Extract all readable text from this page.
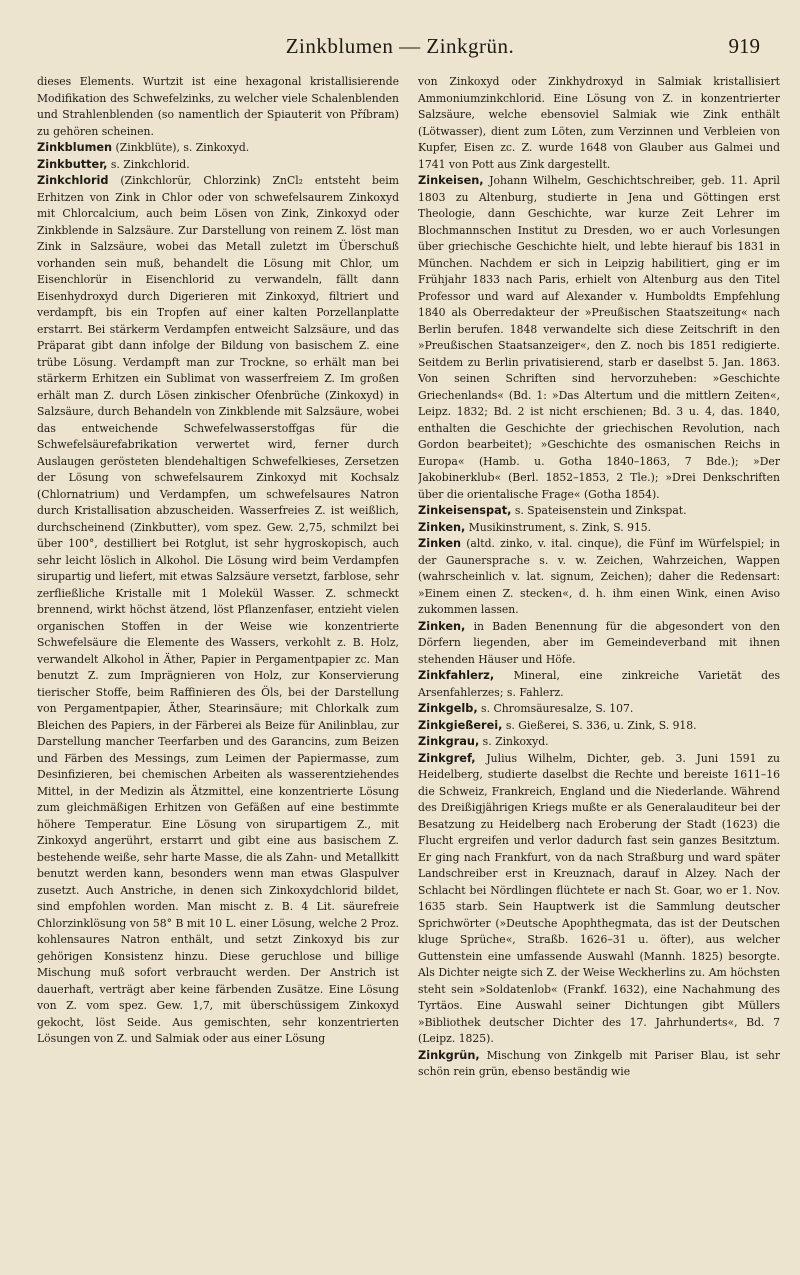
Zinkblumen — Zinkgrün.	919

dieses Elements. Wurtzit ist eine hexagonal kristallisierende Modifikation des Schwefelzinks, zu welcher viele Schalenblenden und Strahlenblenden (so namentlich der Spiauterit von Příbram) zu gehören scheinen.

Zinkblumen (Zinkblüte), s. Zinkoxyd.

Zinkbutter, s. Zinkchlorid.

Zinkchlorid (Zinkchlorür, Chlorzink) ZnCl₂ entsteht beim Erhitzen von Zink in Chlor oder von schwefelsaurem Zinkoxyd mit Chlorcalcium, auch beim Lösen von Zink, Zinkoxyd oder Zinkblende in Salzsäure. Zur Darstellung von reinem Z. löst man Zink in Salzsäure, wobei das Metall zuletzt im Überschuß vorhanden sein muß, behandelt die Lösung mit Chlor, um Eisenchlorür in Eisenchlorid zu verwandeln, fällt dann Eisenhydroxyd durch Digerieren mit Zinkoxyd, filtriert und verdampft, bis ein Tropfen auf einer kalten Porzellanplatte erstarrt. Bei stärkerm Verdampfen entweicht Salzsäure, und das Präparat gibt dann infolge der Bildung von basischem Z. eine trübe Lösung. Verdampft man zur Trockne, so erhält man bei stärkerm Erhitzen ein Sublimat von wasserfreiem Z. Im großen erhält man Z. durch Lösen zinkischer Ofenbrüche (Zinkoxyd) in Salzsäure, durch Behandeln von Zinkblende mit Salzsäure, wobei das entweichende Schwefelwasserstoffgas für die Schwefelsäurefabrikation verwertet wird, ferner durch Auslaugen gerösteten blendehaltigen Schwefelkieses, Zersetzen der Lösung von schwefelsaurem Zinkoxyd mit Kochsalz (Chlornatrium) und Verdampfen, um schwefelsaures Natron durch Kristallisation abzuscheiden. Wasserfreies Z. ist weißlich, durchscheinend (Zinkbutter), vom spez. Gew. 2,75, schmilzt bei über 100°, destilliert bei Rotglut, ist sehr hygroskopisch, auch sehr leicht löslich in Alkohol. Die Lösung wird beim Verdampfen sirupartig und liefert, mit etwas Salzsäure versetzt, farblose, sehr zerfließliche Kristalle mit 1 Molekül Wasser. Z. schmeckt brennend, wirkt höchst ätzend, löst Pflanzenfaser, entzieht vielen organischen Stoffen in der Weise wie konzentrierte Schwefelsäure die Elemente des Wassers, verkohlt z. B. Holz, verwandelt Alkohol in Äther, Papier in Pergamentpapier zc. Man benutzt Z. zum Imprägnieren von Holz, zur Konservierung tierischer Stoffe, beim Raffinieren des Öls, bei der Darstellung von Pergamentpapier, Äther, Stearinsäure; mit Chlorkalk zum Bleichen des Papiers, in der Färberei als Beize für Anilinblau, zur Darstellung mancher Teerfarben und des Garancins, zum Beizen und Färben des Messings, zum Leimen der Papiermasse, zum Desinfizieren, bei chemischen Arbeiten als wasserentziehendes Mittel, in der Medizin als Ätzmittel, eine konzentrierte Lösung zum gleichmäßigen Erhitzen von Gefäßen auf eine bestimmte höhere Temperatur. Eine Lösung von sirupartigem Z., mit Zinkoxyd angerührt, erstarrt und gibt eine aus basischem Z. bestehende weiße, sehr harte Masse, die als Zahn- und Metallkitt benutzt werden kann, besonders wenn man etwas Glaspulver zusetzt. Auch Anstriche, in denen sich Zinkoxydchlorid bildet, sind empfohlen worden. Man mischt z. B. 4 Lit. säurefreie Chlorzinklösung von 58° B mit 10 L. einer Lösung, welche 2 Proz. kohlensaures Natron enthält, und setzt Zinkoxyd bis zur gehörigen Konsistenz hinzu. Diese geruchlose und billige Mischung muß sofort verbraucht werden. Der Anstrich ist dauerhaft, verträgt aber keine färbenden Zusätze. Eine Lösung von Z. vom spez. Gew. 1,7, mit überschüssigem Zinkoxyd gekocht, löst Seide. Aus gemischten, sehr konzentrierten Lösungen von Z. und Salmiak oder aus einer Lösung

von Zinkoxyd oder Zinkhydroxyd in Salmiak kristallisiert Ammoniumzinkchlorid. Eine Lösung von Z. in konzentrierter Salzsäure, welche ebensoviel Salmiak wie Zink enthält (Lötwasser), dient zum Löten, zum Verzinnen und Verbleien von Kupfer, Eisen zc. Z. wurde 1648 von Glauber aus Galmei und 1741 von Pott aus Zink dargestellt.

Zinkeisen, Johann Wilhelm, Geschichtschreiber, geb. 11. April 1803 zu Altenburg, studierte in Jena und Göttingen erst Theologie, dann Geschichte, war kurze Zeit Lehrer im Blochmannschen Institut zu Dresden, wo er auch Vorlesungen über griechische Geschichte hielt, und lebte hierauf bis 1831 in München. Nachdem er sich in Leipzig habilitiert, ging er im Frühjahr 1833 nach Paris, erhielt von Altenburg aus den Titel Professor und ward auf Alexander v. Humboldts Empfehlung 1840 als Oberredakteur der »Preußischen Staatszeitung« nach Berlin berufen. 1848 verwandelte sich diese Zeitschrift in den »Preußischen Staatsanzeiger«, den Z. noch bis 1851 redigierte. Seitdem zu Berlin privatisierend, starb er daselbst 5. Jan. 1863. Von seinen Schriften sind hervorzuheben: »Geschichte Griechenlands« (Bd. 1: »Das Altertum und die mittlern Zeiten«, Leipz. 1832; Bd. 2 ist nicht erschienen; Bd. 3 u. 4, das. 1840, enthalten die Geschichte der griechischen Revolution, nach Gordon bearbeitet); »Geschichte des osmanischen Reichs in Europa« (Hamb. u. Gotha 1840–1863, 7 Bde.); »Der Jakobinerklub« (Berl. 1852–1853, 2 Tle.); »Drei Denkschriften über die orientalische Frage« (Gotha 1854).

Zinkeisenspat, s. Spateisenstein und Zinkspat.

Zinken, Musikinstrument, s. Zink, S. 915.

Zinken (altd. zinko, v. ital. cinque), die Fünf im Würfelspiel; in der Gaunersprache s. v. w. Zeichen, Wahrzeichen, Wappen (wahrscheinlich v. lat. signum, Zeichen); daher die Redensart: »Einem einen Z. stecken«, d. h. ihm einen Wink, einen Aviso zukommen lassen.

Zinken, in Baden Benennung für die abgesondert von den Dörfern liegenden, aber im Gemeindeverband mit ihnen stehenden Häuser und Höfe.

Zinkfahlerz, Mineral, eine zinkreiche Varietät des Arsenfahlerzes; s. Fahlerz.

Zinkgelb, s. Chromsäuresalze, S. 107.

Zinkgießerei, s. Gießerei, S. 336, u. Zink, S. 918.

Zinkgrau, s. Zinkoxyd.

Zinkgref, Julius Wilhelm, Dichter, geb. 3. Juni 1591 zu Heidelberg, studierte daselbst die Rechte und bereiste 1611–16 die Schweiz, Frankreich, England und die Niederlande. Während des Dreißigjährigen Kriegs mußte er als Generalauditeur bei der Besatzung zu Heidelberg nach Eroberung der Stadt (1623) die Flucht ergreifen und verlor dadurch fast sein ganzes Besitztum. Er ging nach Frankfurt, von da nach Straßburg und ward später Landschreiber erst in Kreuznach, darauf in Alzey. Nach der Schlacht bei Nördlingen flüchtete er nach St. Goar, wo er 1. Nov. 1635 starb. Sein Hauptwerk ist die Sammlung deutscher Sprichwörter (»Deutsche Apophthegmata, das ist der Deutschen kluge Sprüche«, Straßb. 1626–31 u. öfter), aus welcher Guttenstein eine umfassende Auswahl (Mannh. 1825) besorgte. Als Dichter neigte sich Z. der Weise Weckherlins zu. Am höchsten steht sein »Soldatenlob« (Frankf. 1632), eine Nachahmung des Tyrtäos. Eine Auswahl seiner Dichtungen gibt Müllers »Bibliothek deutscher Dichter des 17. Jahrhunderts«, Bd. 7 (Leipz. 1825).

Zinkgrün, Mischung von Zinkgelb mit Pariser Blau, ist sehr schön rein grün, ebenso beständig wie
